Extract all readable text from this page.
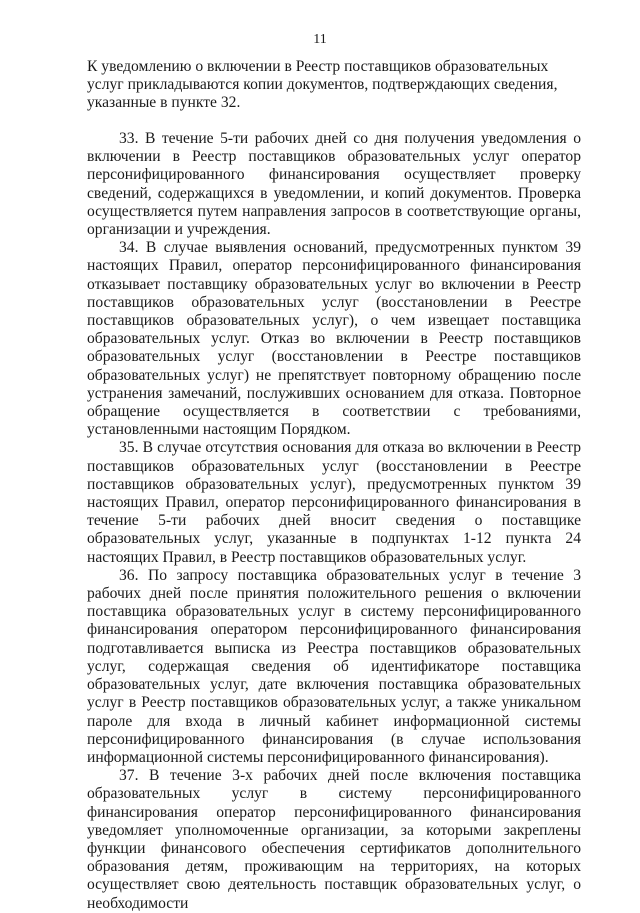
11
К уведомлению о включении в Реестр поставщиков образовательных услуг прикладываются копии документов, подтверждающих сведения, указанные в пункте 32.

33. В течение 5-ти рабочих дней со дня получения уведомления о включении в Реестр поставщиков образовательных услуг оператор персонифицированного финансирования осуществляет проверку сведений, содержащихся в уведомлении, и копий документов. Проверка осуществляется путем направления запросов в соответствующие органы, организации и учреждения.

34. В случае выявления оснований, предусмотренных пунктом 39 настоящих Правил, оператор персонифицированного финансирования отказывает поставщику образовательных услуг во включении в Реестр поставщиков образовательных услуг (восстановлении в Реестре поставщиков образовательных услуг), о чем извещает поставщика образовательных услуг. Отказ во включении в Реестр поставщиков образовательных услуг (восстановлении в Реестре поставщиков образовательных услуг) не препятствует повторному обращению после устранения замечаний, послуживших основанием для отказа. Повторное обращение осуществляется в соответствии с требованиями, установленными настоящим Порядком.

35. В случае отсутствия основания для отказа во включении в Реестр поставщиков образовательных услуг (восстановлении в Реестре поставщиков образовательных услуг), предусмотренных пунктом 39 настоящих Правил, оператор персонифицированного финансирования в течение 5-ти рабочих дней вносит сведения о поставщике образовательных услуг, указанные в подпунктах 1-12 пункта 24 настоящих Правил, в Реестр поставщиков образовательных услуг.

36. По запросу поставщика образовательных услуг в течение 3 рабочих дней после принятия положительного решения о включении поставщика образовательных услуг в систему персонифицированного финансирования оператором персонифицированного финансирования подготавливается выписка из Реестра поставщиков образовательных услуг, содержащая сведения об идентификаторе поставщика образовательных услуг, дате включения поставщика образовательных услуг в Реестр поставщиков образовательных услуг, а также уникальном пароле для входа в личный кабинет информационной системы персонифицированного финансирования (в случае использования информационной системы персонифицированного финансирования).

37. В течение 3-х рабочих дней после включения поставщика образовательных услуг в систему персонифицированного финансирования оператор персонифицированного финансирования уведомляет уполномоченные организации, за которыми закреплены функции финансового обеспечения сертификатов дополнительного образования детям, проживающим на территориях, на которых осуществляет свою деятельность поставщик образовательных услуг, о необходимости
